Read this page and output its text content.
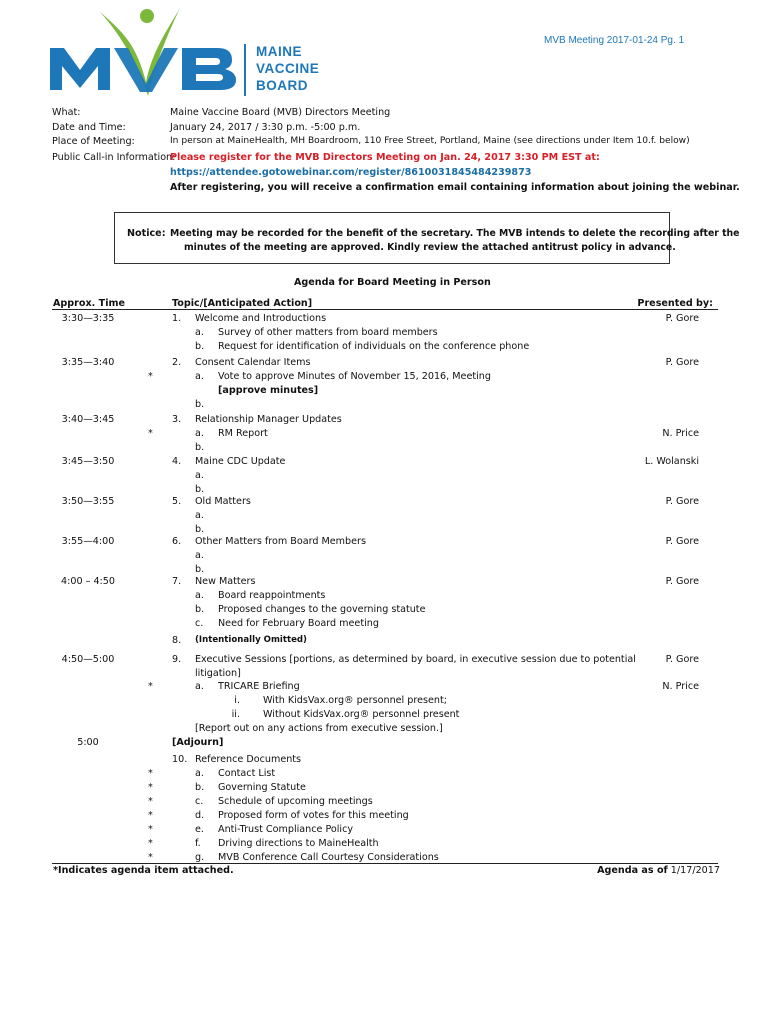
MAINE
VACCINE
BOARD
MVB Meeting 2017-01-24 Pg. 1
What:	Maine Vaccine Board (MVB) Directors Meeting
Date and Time:	January 24, 2017 / 3:30 p.m. -5:00 p.m.
Place of Meeting:	In person at MaineHealth, MH Boardroom, 110 Free Street, Portland, Maine (see directions under Item 10.f. below)
Public Call-in Information:
Please register for the MVB Directors Meeting on Jan. 24, 2017 3:30 PM EST at:
https://attendee.gotowebinar.com/register/8610031845484239873
After registering, you will receive a confirmation email containing information about joining the webinar.
Notice: Meeting may be recorded for the benefit of the secretary. The MVB intends to delete the recording after the
minutes of the meeting are approved. Kindly review the attached antitrust policy in advance.
Agenda for Board Meeting in Person
Approx. Time	Topic/[Anticipated Action]	Presented by:
3:30—3:35	1. Welcome and Introductions	P. Gore
a. Survey of other matters from board members
b. Request for identification of individuals on the conference phone
3:35—3:40	2. Consent Calendar Items	P. Gore
*	a. Vote to approve Minutes of November 15, 2016, Meeting
[approve minutes]
b.
3:40—3:45	3. Relationship Manager Updates
*	a. RM Report	N. Price
b.
3:45—3:50	4. Maine CDC Update	L. Wolanski
a.
b.
3:50—3:55	5. Old Matters	P. Gore
a.
b.
3:55—4:00	6. Other Matters from Board Members	P. Gore
a.
b.
4:00 – 4:50	7. New Matters	P. Gore
a. Board reappointments
b. Proposed changes to the governing statute
c. Need for February Board meeting
8. (Intentionally Omitted)
4:50—5:00	9. Executive Sessions [portions, as determined by board, in executive session due to potential	P. Gore
litigation]
*	a. TRICARE Briefing	N. Price
With KidsVax.org® personnel present;
i.
Without KidsVax.org® personnel present
ii.
[Report out on any actions from executive session.]
5:00	[Adjourn]
10. Reference Documents
*	a. Contact List
*	b. Governing Statute
*	c. Schedule of upcoming meetings
*	d. Proposed form of votes for this meeting
*	e. Anti-Trust Compliance Policy
*	f. Driving directions to MaineHealth
*	g. MVB Conference Call Courtesy Considerations
*Indicates agenda item attached.	Agenda as of 1/17/2017
